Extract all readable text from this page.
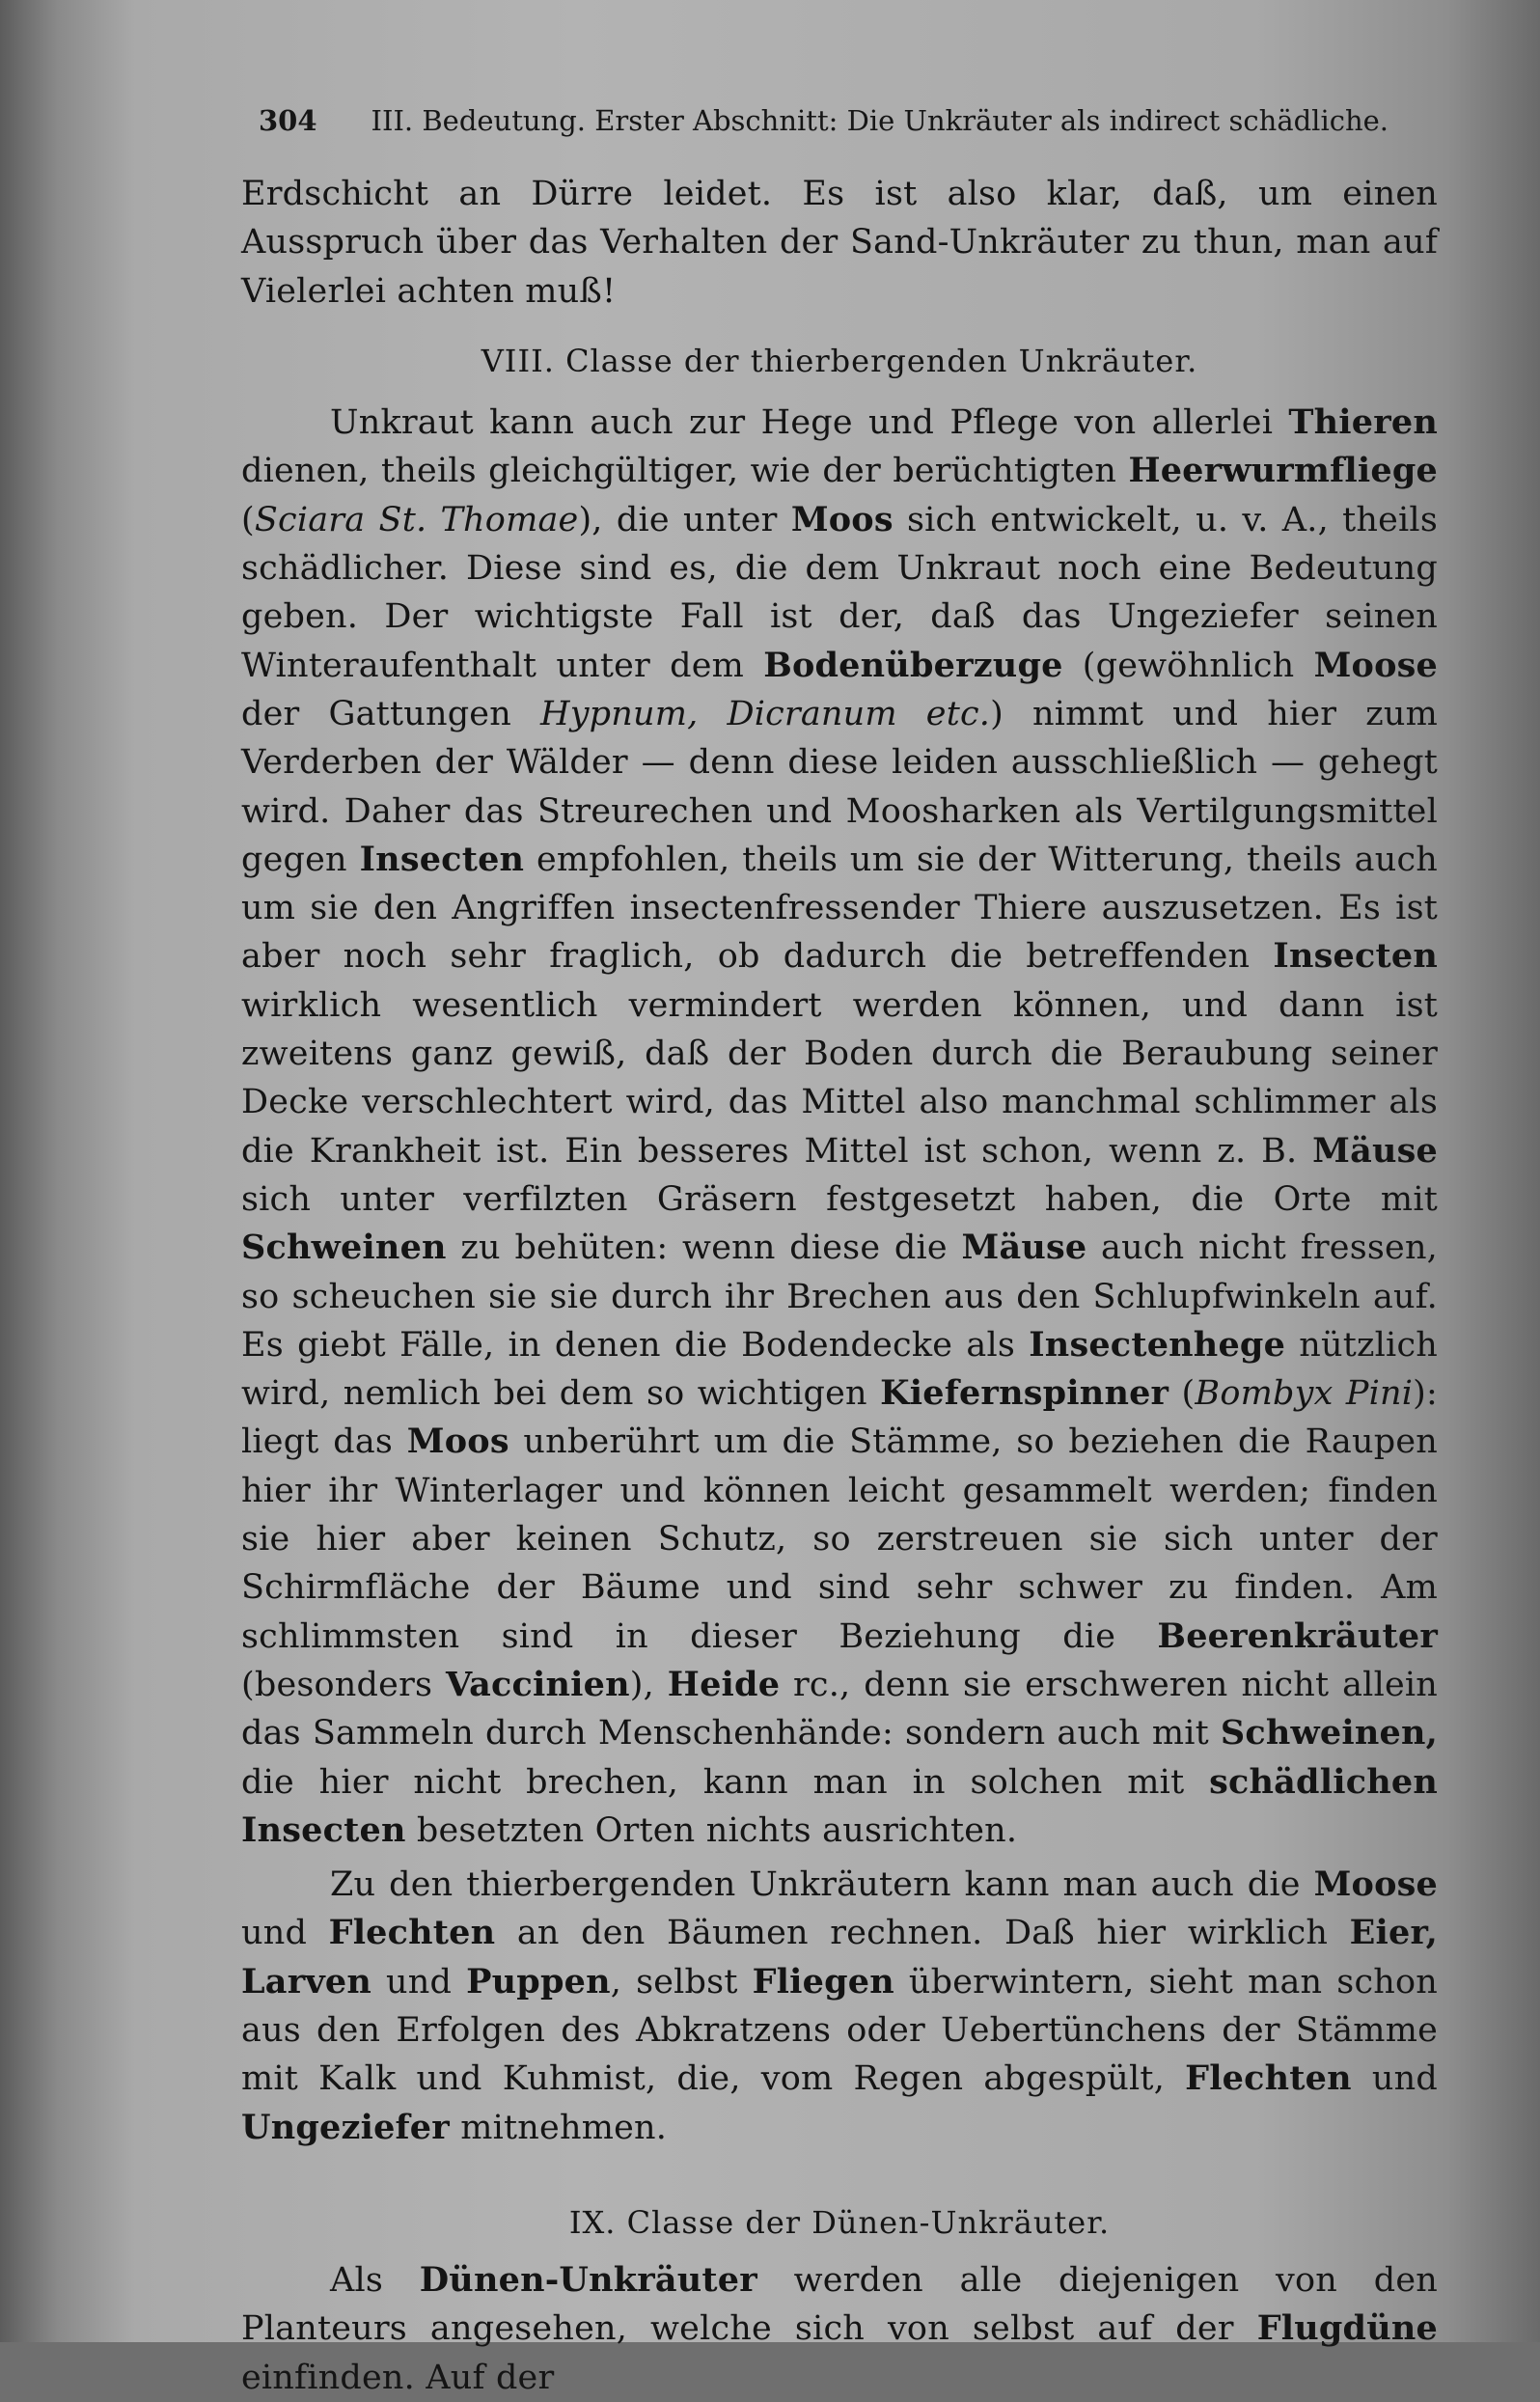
304 III. Bedeutung. Erster Abschnitt: Die Unkräuter als indirect schädliche.

Erdschicht an Dürre leidet. Es ist also klar, daß, um einen Ausspruch über das Verhalten der Sand-Unkräuter zu thun, man auf Vielerlei achten muß!

VIII. Classe der thierbergenden Unkräuter.

Unkraut kann auch zur Hege und Pflege von allerlei Thieren dienen, theils gleichgültiger, wie der berüchtigten Heerwurmfliege (Sciara St. Thomae), die unter Moos sich entwickelt, u. v. A., theils schädlicher. Diese sind es, die dem Unkraut noch eine Bedeutung geben. Der wichtigste Fall ist der, daß das Ungeziefer seinen Winteraufenthalt unter dem Bodenüberzuge (gewöhnlich Moose der Gattungen Hypnum, Dicranum etc.) nimmt und hier zum Verderben der Wälder — denn diese leiden ausschließlich — gehegt wird. Daher das Streurechen und Moosharken als Vertilgungsmittel gegen Insecten empfohlen, theils um sie der Witterung, theils auch um sie den Angriffen insectenfressender Thiere auszusetzen. Es ist aber noch sehr fraglich, ob dadurch die betreffenden Insecten wirklich wesentlich vermindert werden können, und dann ist zweitens ganz gewiß, daß der Boden durch die Beraubung seiner Decke verschlechtert wird, das Mittel also manchmal schlimmer als die Krankheit ist. Ein besseres Mittel ist schon, wenn z. B. Mäuse sich unter verfilzten Gräsern festgesetzt haben, die Orte mit Schweinen zu behüten: wenn diese die Mäuse auch nicht fressen, so scheuchen sie sie durch ihr Brechen aus den Schlupfwinkeln auf. Es giebt Fälle, in denen die Bodendecke als Insectenhege nützlich wird, nemlich bei dem so wichtigen Kiefernspinner (Bombyx Pini): liegt das Moos unberührt um die Stämme, so beziehen die Raupen hier ihr Winterlager und können leicht gesammelt werden; finden sie hier aber keinen Schutz, so zerstreuen sie sich unter der Schirmfläche der Bäume und sind sehr schwer zu finden. Am schlimmsten sind in dieser Beziehung die Beerenkräuter (besonders Vaccinien), Heide rc., denn sie erschweren nicht allein das Sammeln durch Menschenhände: sondern auch mit Schweinen, die hier nicht brechen, kann man in solchen mit schädlichen Insecten besetzten Orten nichts ausrichten.

Zu den thierbergenden Unkräutern kann man auch die Moose und Flechten an den Bäumen rechnen. Daß hier wirklich Eier, Larven und Puppen, selbst Fliegen überwintern, sieht man schon aus den Erfolgen des Abkratzens oder Uebertünchens der Stämme mit Kalk und Kuhmist, die, vom Regen abgespült, Flechten und Ungeziefer mitnehmen.

IX. Classe der Dünen-Unkräuter.

Als Dünen-Unkräuter werden alle diejenigen von den Planteurs angesehen, welche sich von selbst auf der Flugdüne einfinden. Auf der
